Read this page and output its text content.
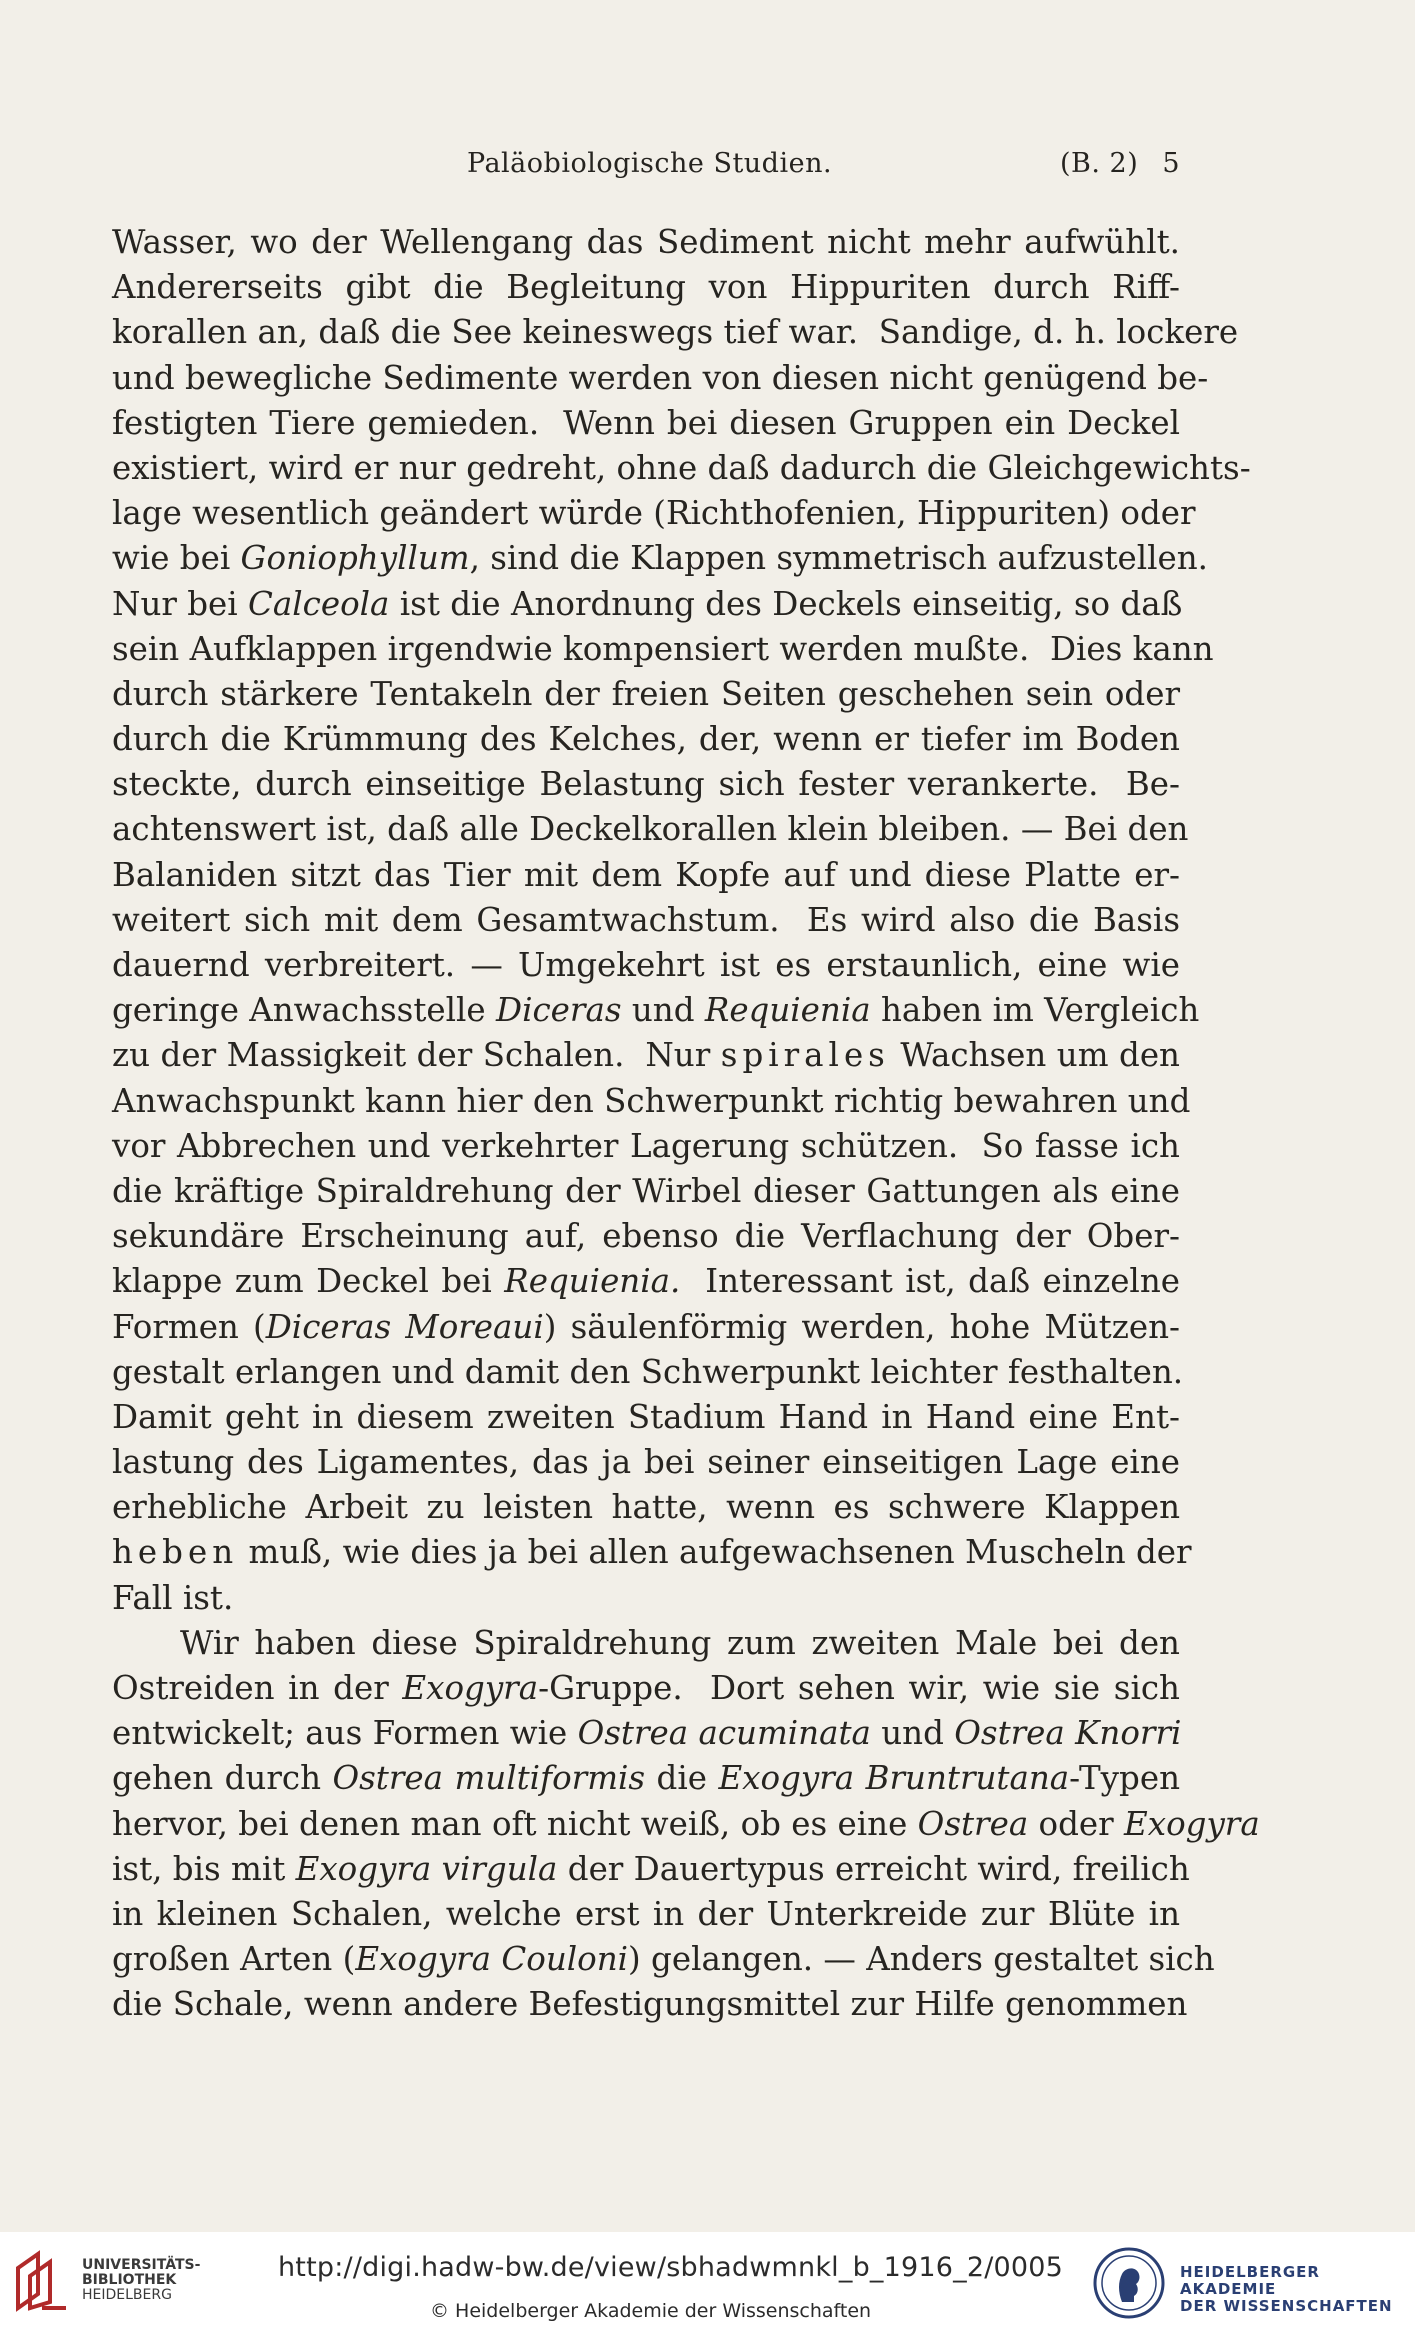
Paläobiologische Studien.	(B. 2) 5
Wasser, wo der Wellengang das Sediment nicht mehr aufwühlt.
Andererseits gibt die Begleitung von Hippuriten durch Riff-
korallen an, daß die See keineswegs tief war.  Sandige, d. h. lockere
und bewegliche Sedimente werden von diesen nicht genügend be-
festigten Tiere gemieden.  Wenn bei diesen Gruppen ein Deckel
existiert, wird er nur gedreht, ohne daß dadurch die Gleichgewichts-
lage wesentlich geändert würde (Richthofenien, Hippuriten) oder
wie bei Goniophyllum, sind die Klappen symmetrisch aufzustellen.
Nur bei Calceola ist die Anordnung des Deckels einseitig, so daß
sein Aufklappen irgendwie kompensiert werden mußte.  Dies kann
durch stärkere Tentakeln der freien Seiten geschehen sein oder
durch die Krümmung des Kelches, der, wenn er tiefer im Boden
steckte, durch einseitige Belastung sich fester verankerte.  Be-
achtenswert ist, daß alle Deckelkorallen klein bleiben. — Bei den
Balaniden sitzt das Tier mit dem Kopfe auf und diese Platte er-
weitert sich mit dem Gesamtwachstum.  Es wird also die Basis
dauernd verbreitert. — Umgekehrt ist es erstaunlich, eine wie
geringe Anwachsstelle Diceras und Requienia haben im Vergleich
zu der Massigkeit der Schalen.  Nur spirales Wachsen um den
Anwachspunkt kann hier den Schwerpunkt richtig bewahren und
vor Abbrechen und verkehrter Lagerung schützen.  So fasse ich
die kräftige Spiraldrehung der Wirbel dieser Gattungen als eine
sekundäre Erscheinung auf, ebenso die Verflachung der Ober-
klappe zum Deckel bei Requienia.  Interessant ist, daß einzelne
Formen (Diceras Moreaui) säulenförmig werden, hohe Mützen-
gestalt erlangen und damit den Schwerpunkt leichter festhalten.
Damit geht in diesem zweiten Stadium Hand in Hand eine Ent-
lastung des Ligamentes, das ja bei seiner einseitigen Lage eine
erhebliche Arbeit zu leisten hatte, wenn es schwere Klappen
heben muß, wie dies ja bei allen aufgewachsenen Muscheln der
Fall ist.
Wir haben diese Spiraldrehung zum zweiten Male bei den
Ostreiden in der Exogyra-Gruppe.  Dort sehen wir, wie sie sich
entwickelt; aus Formen wie Ostrea acuminata und Ostrea Knorri
gehen durch Ostrea multiformis die Exogyra Bruntrutana-Typen
hervor, bei denen man oft nicht weiß, ob es eine Ostrea oder Exogyra
ist, bis mit Exogyra virgula der Dauertypus erreicht wird, freilich
in kleinen Schalen, welche erst in der Unterkreide zur Blüte in
großen Arten (Exogyra Couloni) gelangen. — Anders gestaltet sich
die Schale, wenn andere Befestigungsmittel zur Hilfe genommen
UNIVERSITÄTS-
BIBLIOTHEK
HEIDELBERG
http://digi.hadw-bw.de/view/sbhadwmnkl_b_1916_2/0005
© Heidelberger Akademie der Wissenschaften
HEIDELBERGER AKADEMIE
DER WISSENSCHAFTEN
